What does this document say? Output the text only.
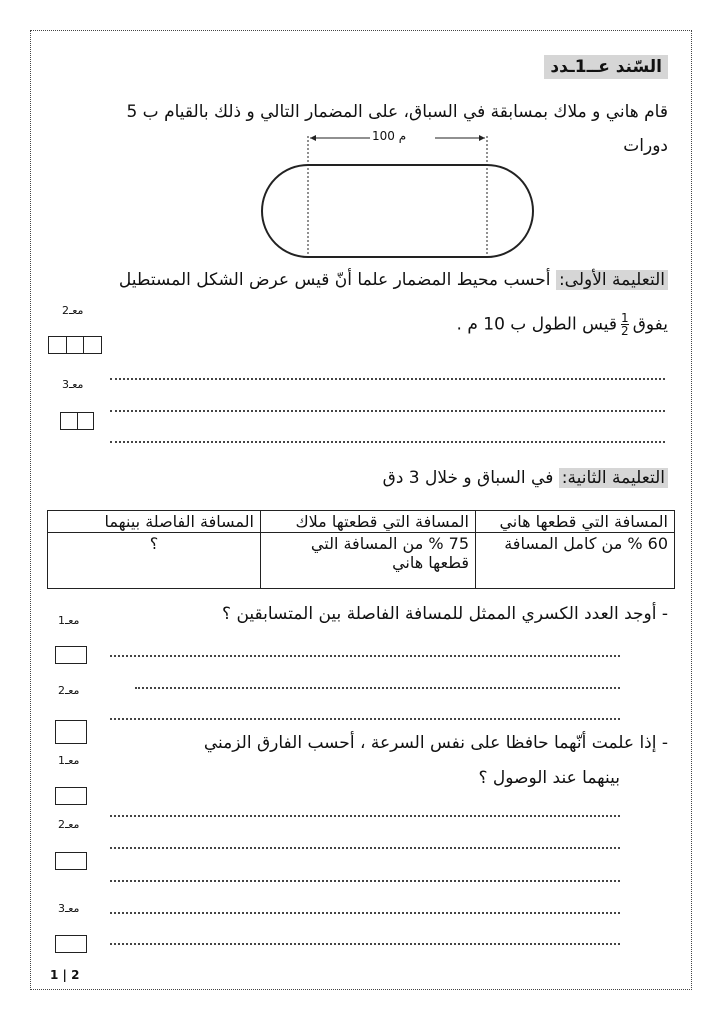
السّند عــ1ـدد
قام هاني و ملاك بمسابقة في السباق، على المضمار التالي و ذلك بالقيام ب 5
دورات
100 م
التعليمة الأولى: أحسب محيط المضمار علما أنّ قيس عرض الشكل المستطيل
يفوق
$\frac{1}{2}قيس$ الطول ب 10 م .
معـ2
معـ3
التعليمة الثانية: في السباق و خلال 3 دق
المسافة التي قطعها هاني	المسافة التي قطعتها ملاك	المسافة الفاصلة بينهما
60 % من كامل المسافة	75 % من المسافة التي قطعها هاني	؟
- أوجد العدد الكسري الممثل للمسافة الفاصلة بين المتسابقين ؟
- إذا علمت أنّهما حافظا على نفس السرعة ، أحسب الفارق الزمني
بينهما عند الوصول ؟
معـ1
معـ2
معـ1
معـ2
معـ3
1 | 2
